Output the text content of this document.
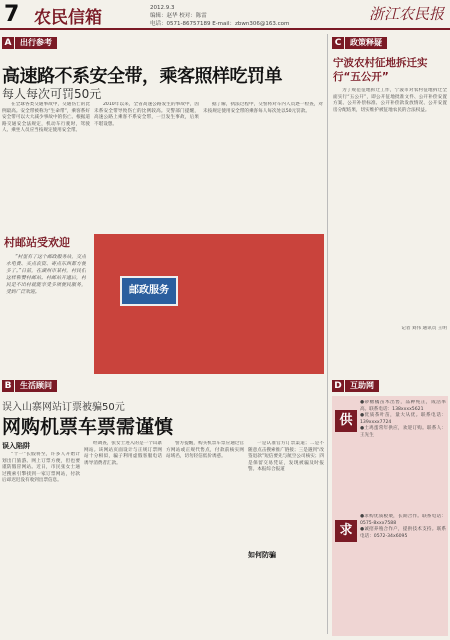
7 农民信箱	2012.9.3
编辑：赵华 校对：陈雷
电话：0571-86757189 E-mail：zbwn306@163.com
浙江农民报
A	出行参考
高速路不系安全带，乘客照样吃罚单
每人每次可罚50元

在全球各类交通事故中，交通伤亡的比例最高。安全带被称为“生命带”，乘客系好安全带可以大大减少事故中的伤亡。根据道路交通安全法规定，机动车行驶时，驾驶人、乘坐人员应当按规定使用安全带。

2010年以来，全省高速公路发生的事故中，因未系安全带导致伤亡的比例较高。交警部门提醒，高速公路上乘客不系安全带，一旦发生事故，后果不堪设想。

据了解，执法过程中，交警将对车内人员逐一检查，对未按规定使用安全带的乘客每人每次处以50元罚款。

村邮站受欢迎

“村里有了这个邮政服务站，交点水电费、买点农资、寄点东西都方便多了。”日前，在湖州市某村，村民们这样称赞村邮站。村邮站开通后，村民足不出村就能享受多项便民服务，受到广泛欢迎。	邮政服务
B	生活顾问
误入山寨网站订票被骗50元
网购机票车票需谨慎
误入陷阱

“十一”长假将至，许多人开始计划出门旅游。网上订票方便，但也要谨防假冒网站。近日，市民张女士通过搜索引擎找到一家订票网站，付款后却迟迟没有收到出票信息。

经调查，张女士进入的是一个山寨网站。该网站页面设计与正规订票网站十分相似，骗子利用虚假客服电话诱导消费者汇款。

警方提醒，购买机票车票应通过官方网站或正规代售点，付款前核实网站域名，切勿轻信低价诱惑。

如何防骗

一是认准官方订票渠道；二是不随意点击搜索推广链接；三是遇到“改签退款”短信要先与航空公司核实；四是保留交易凭证，发现被骗及时报警。本报综合报道

C	政策释疑
宁波农村征地拆迁实行“五公开”

为了规范征地拆迁工作，宁波市对农村征地拆迁全面实行“五公开”，即公开征地批准文件、公开补偿安置方案、公开补偿标准、公开补偿款发放情况、公开安置房分配结果，切实维护被征地农民的合法权益。

记者 刘伟 通讯员 王明
D	互助网
供
●砂糖橘苗木出售，品种纯正，成活率高。联系电话：138xxxx5621
●优质茶叶苗，量大从优。联系电话：139xxxx7724
●土鸡蛋常年供应，欢迎订购。联系人：王先生
求
●求购优质板栗，长期合作。联系电话：0575-8xxx7588
●诚招养殖合作户，提供技术支持。联系电话：0572-34x6095
